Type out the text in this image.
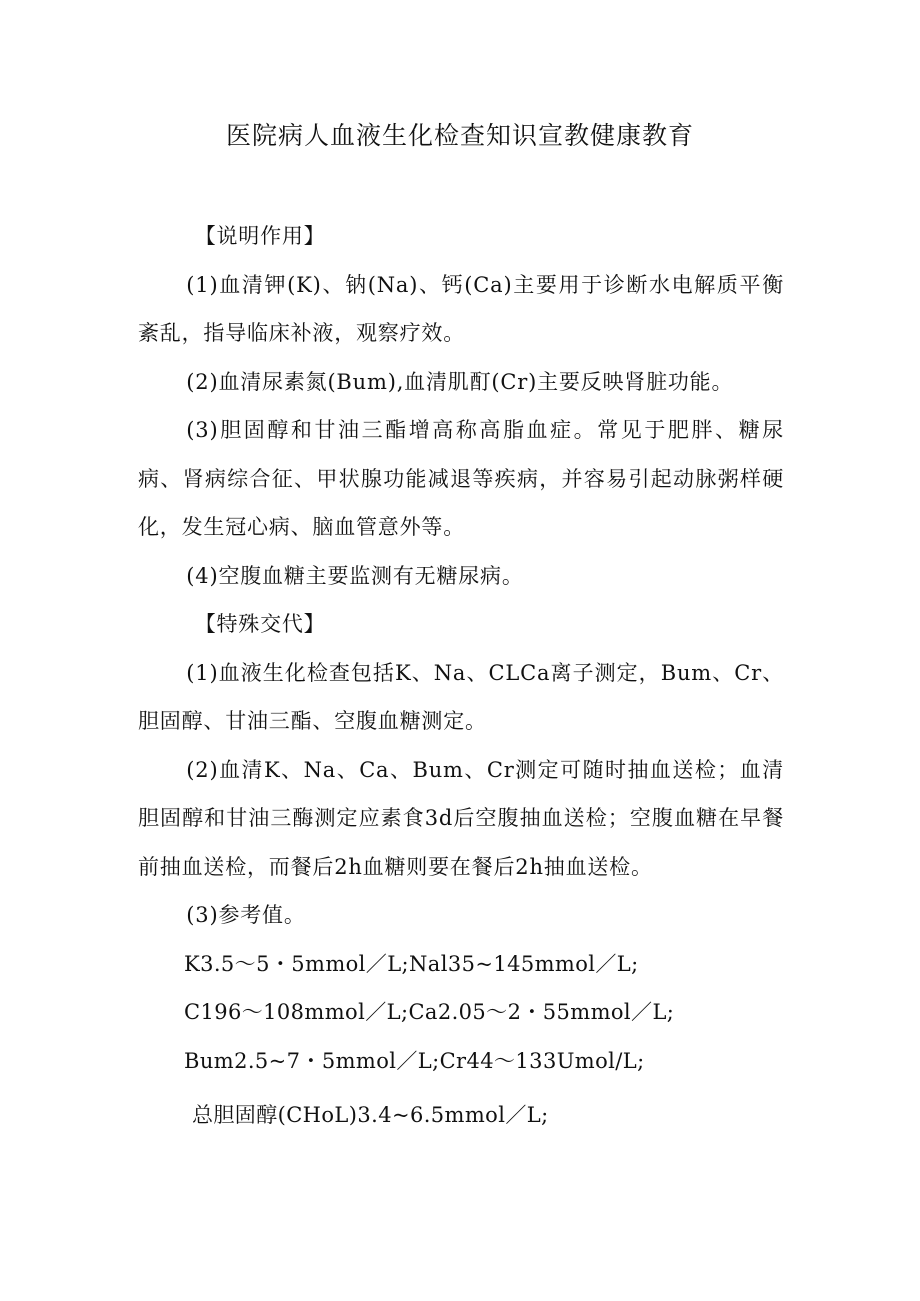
医院病人血液生化检查知识宣教健康教育

【说明作用】

(1)血清钾(K)、钠(Na)、钙(Ca)主要用于诊断水电解质平衡紊乱，指导临床补液，观察疗效。

(2)血清尿素氮(Bum),血清肌酊(Cr)主要反映肾脏功能。

(3)胆固醇和甘油三酯增高称高脂血症。常见于肥胖、糖尿病、肾病综合征、甲状腺功能减退等疾病，并容易引起动脉粥样硬化，发生冠心病、脑血管意外等。

(4)空腹血糖主要监测有无糖尿病。

【特殊交代】

(1)血液生化检查包括K、Na、CLCa离子测定，Bum、Cr、胆固醇、甘油三酯、空腹血糖测定。

(2)血清K、Na、Ca、Bum、Cr测定可随时抽血送检；血清胆固醇和甘油三酶测定应素食3d后空腹抽血送检；空腹血糖在早餐前抽血送检，而餐后2h血糖则要在餐后2h抽血送检。

(3)参考值。

K3.5～5・5mmol／L;Nal35~145mmol／L;

C196～108mmol／L;Ca2.05～2・55mmol／L;

Bum2.5~7・5mmol／L;Cr44～133Umol/L;

总胆固醇(CHoL)3.4~6.5mmol／L;
